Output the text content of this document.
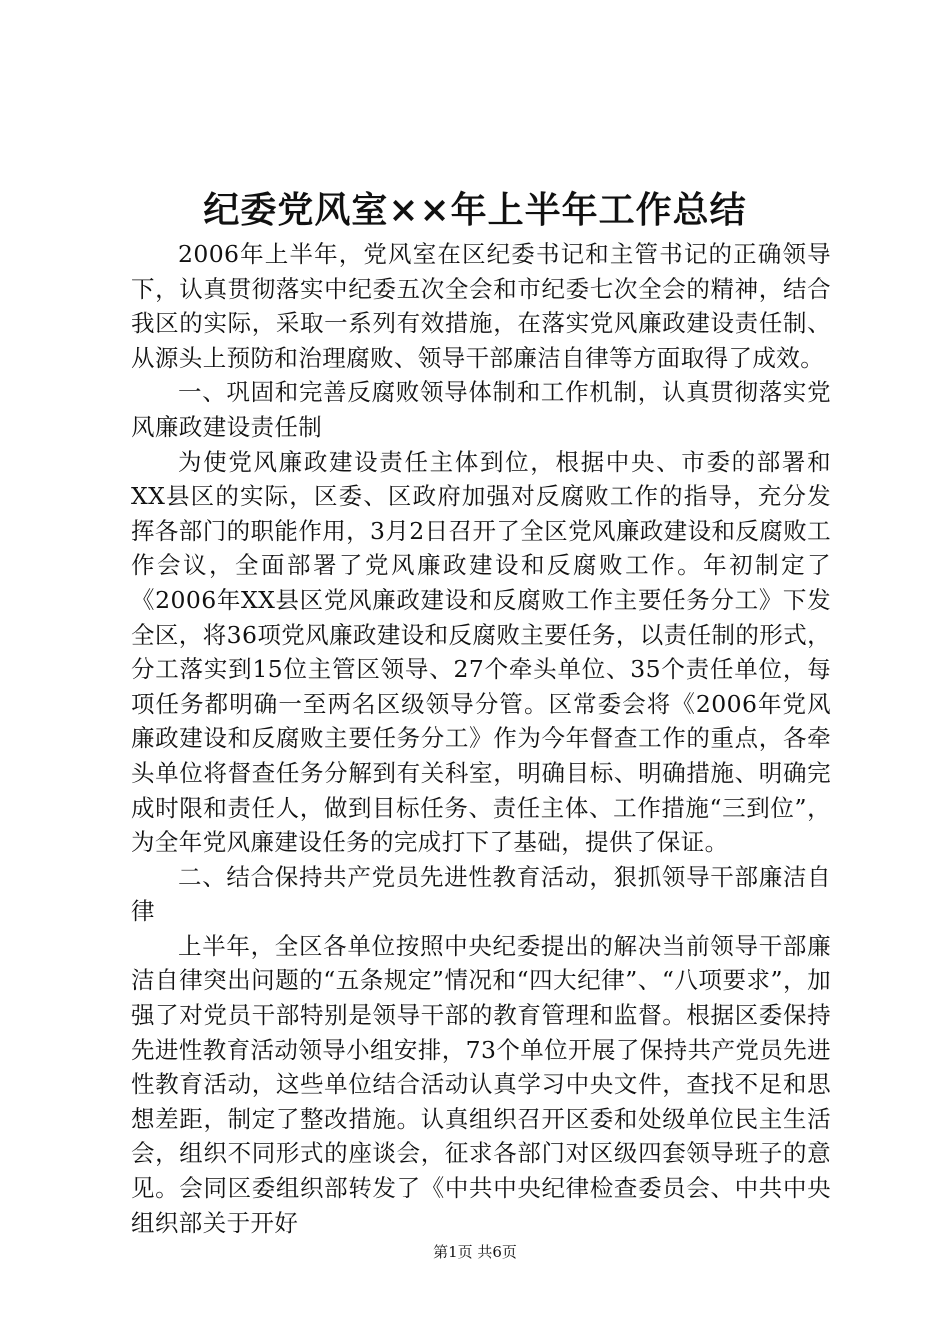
纪委党风室××年上半年工作总结

2006年上半年，党风室在区纪委书记和主管书记的正确领导下，认真贯彻落实中纪委五次全会和市纪委七次全会的精神，结合我区的实际，采取一系列有效措施，在落实党风廉政建设责任制、从源头上预防和治理腐败、领导干部廉洁自律等方面取得了成效。

一、巩固和完善反腐败领导体制和工作机制，认真贯彻落实党风廉政建设责任制

为使党风廉政建设责任主体到位，根据中央、市委的部署和XX县区的实际，区委、区政府加强对反腐败工作的指导，充分发挥各部门的职能作用，3月2日召开了全区党风廉政建设和反腐败工作会议，全面部署了党风廉政建设和反腐败工作。年初制定了《2006年XX县区党风廉政建设和反腐败工作主要任务分工》下发全区，将36项党风廉政建设和反腐败主要任务，以责任制的形式，分工落实到15位主管区领导、27个牵头单位、35个责任单位，每项任务都明确一至两名区级领导分管。区常委会将《2006年党风廉政建设和反腐败主要任务分工》作为今年督查工作的重点，各牵头单位将督查任务分解到有关科室，明确目标、明确措施、明确完成时限和责任人，做到目标任务、责任主体、工作措施“三到位”，为全年党风廉建设任务的完成打下了基础，提供了保证。

二、结合保持共产党员先进性教育活动，狠抓领导干部廉洁自律

上半年，全区各单位按照中央纪委提出的解决当前领导干部廉洁自律突出问题的“五条规定”情况和“四大纪律”、“八项要求”，加强了对党员干部特别是领导干部的教育管理和监督。根据区委保持先进性教育活动领导小组安排，73个单位开展了保持共产党员先进性教育活动，这些单位结合活动认真学习中央文件，查找不足和思想差距，制定了整改措施。认真组织召开区委和处级单位民主生活会，组织不同形式的座谈会，征求各部门对区级四套领导班子的意见。会同区委组织部转发了《中共中央纪律检查委员会、中共中央组织部关于开好

第1页 共6页
